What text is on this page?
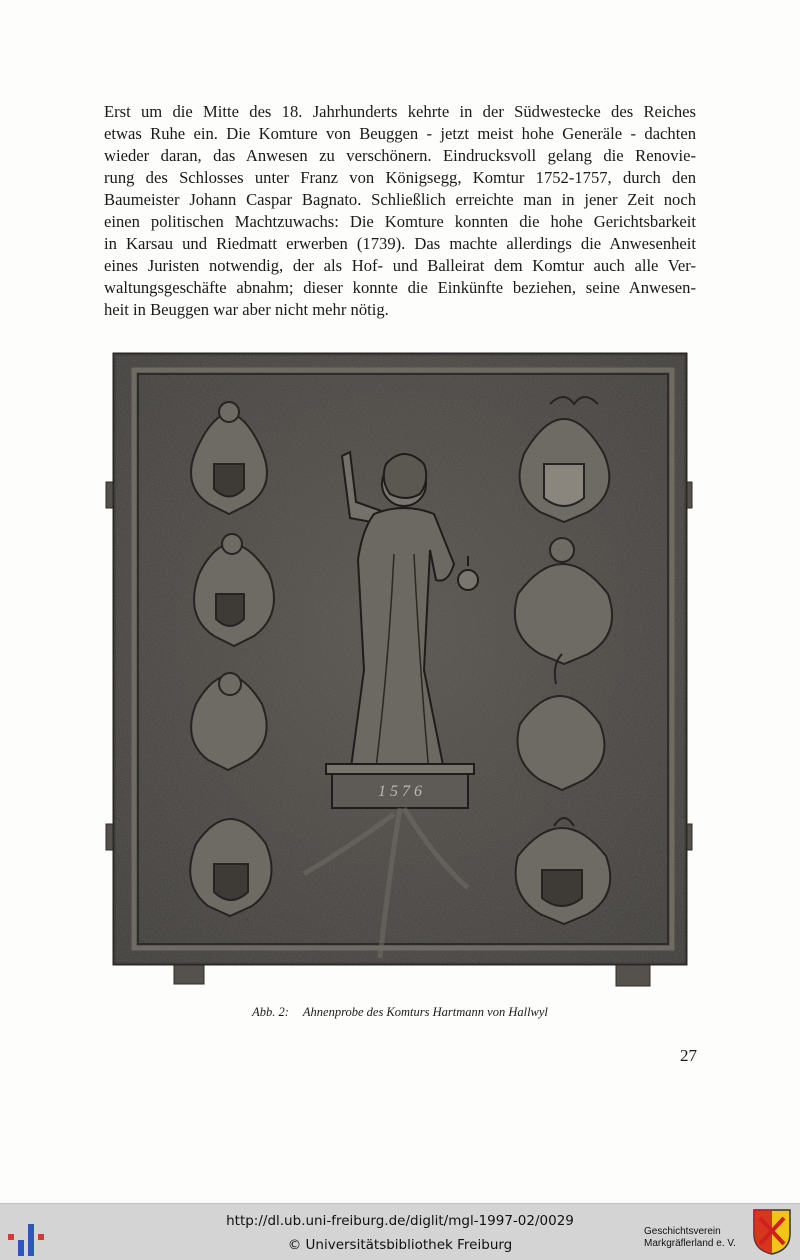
Erst um die Mitte des 18. Jahrhunderts kehrte in der Südwestecke des Reiches
etwas Ruhe ein. Die Komture von Beuggen - jetzt meist hohe Generäle - dachten
wieder daran, das Anwesen zu verschönern. Eindrucksvoll gelang die Renovie-
rung des Schlosses unter Franz von Königsegg, Komtur 1752-1757, durch den
Baumeister Johann Caspar Bagnato. Schließlich erreichte man in jener Zeit noch
einen politischen Machtzuwachs: Die Komture konnten die hohe Gerichtsbarkeit
in Karsau und Riedmatt erwerben (1739). Das machte allerdings die Anwesenheit
eines Juristen notwendig, der als Hof- und Balleirat dem Komtur auch alle Ver-
waltungsgeschäfte abnahm; dieser konnte die Einkünfte beziehen, seine Anwesen-
heit in Beuggen war aber nicht mehr nötig.

1 5 7 6
Abb. 2: Ahnenprobe des Komturs Hartmann von Hallwyl
27
http://dl.ub.uni-freiburg.de/diglit/mgl-1997-02/0029
© Universitätsbibliothek Freiburg
Geschichtsverein
Markgräflerland e. V.
